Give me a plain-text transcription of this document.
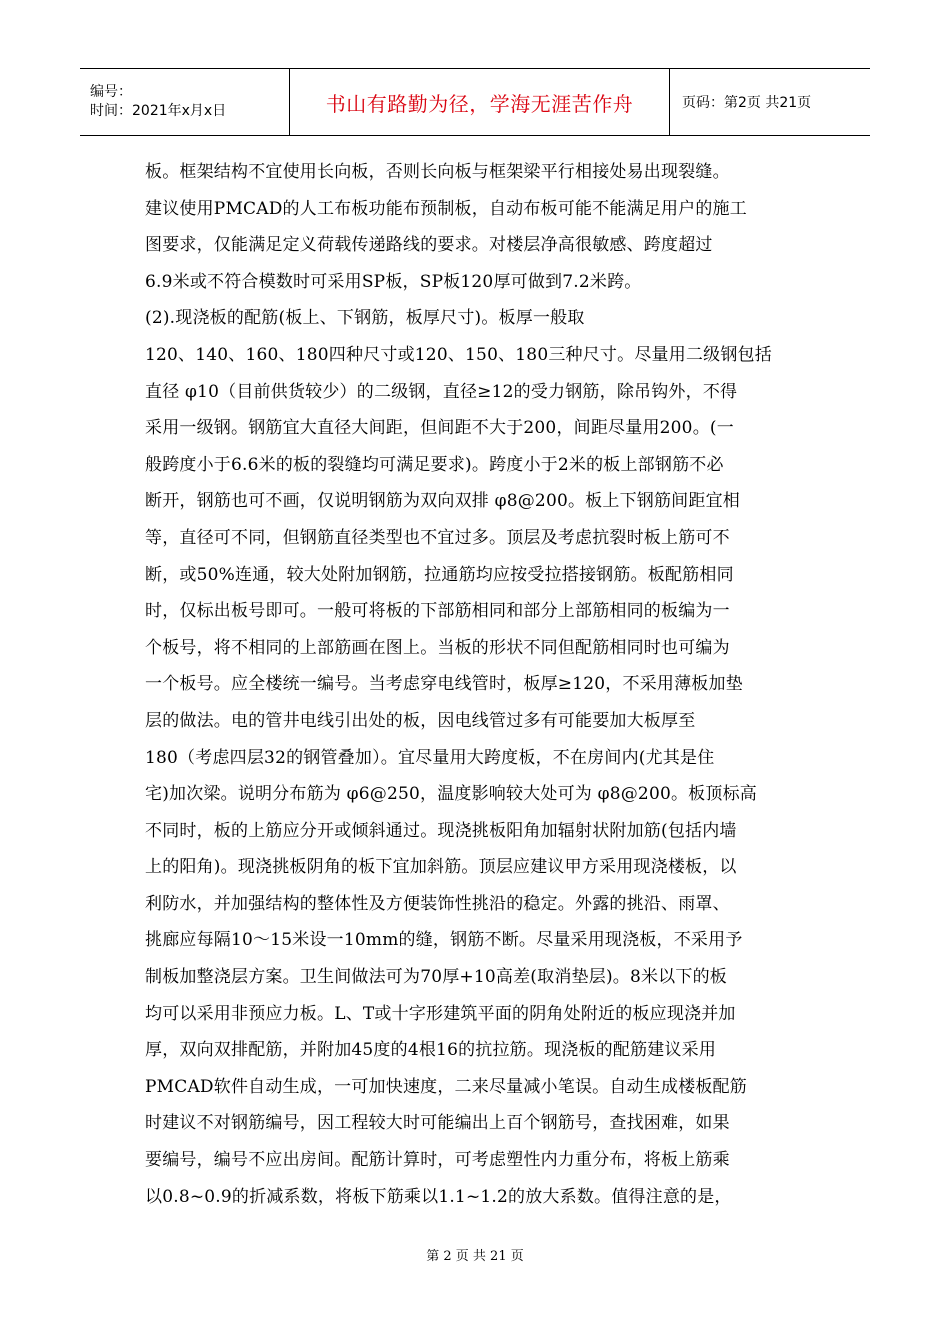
编号：
时间：2021年x月x日	书山有路勤为径，学海无涯苦作舟	页码：第2页 共21页

板。框架结构不宜使用长向板，否则长向板与框架梁平行相接处易出现裂缝。

建议使用PMCAD的人工布板功能布预制板，自动布板可能不能满足用户的施工

图要求，仅能满足定义荷载传递路线的要求。对楼层净高很敏感、跨度超过

6.9米或不符合模数时可采用SP板，SP板120厚可做到7.2米跨。

(2).现浇板的配筋(板上、下钢筋，板厚尺寸)。板厚一般取

120、140、160、180四种尺寸或120、150、180三种尺寸。尽量用二级钢包括

直径 φ10（目前供货较少）的二级钢，直径≥12的受力钢筋，除吊钩外，不得

采用一级钢。钢筋宜大直径大间距，但间距不大于200，间距尽量用200。(一

般跨度小于6.6米的板的裂缝均可满足要求)。跨度小于2米的板上部钢筋不必

断开，钢筋也可不画，仅说明钢筋为双向双排 φ8@200。板上下钢筋间距宜相

等，直径可不同，但钢筋直径类型也不宜过多。顶层及考虑抗裂时板上筋可不

断，或50%连通，较大处附加钢筋，拉通筋均应按受拉搭接钢筋。板配筋相同

时，仅标出板号即可。一般可将板的下部筋相同和部分上部筋相同的板编为一

个板号，将不相同的上部筋画在图上。当板的形状不同但配筋相同时也可编为

一个板号。应全楼统一编号。当考虑穿电线管时，板厚≥120，不采用薄板加垫

层的做法。电的管井电线引出处的板，因电线管过多有可能要加大板厚至

180（考虑四层32的钢管叠加）。宜尽量用大跨度板，不在房间内(尤其是住

宅)加次梁。说明分布筋为 φ6@250，温度影响较大处可为 φ8@200。板顶标高

不同时，板的上筋应分开或倾斜通过。现浇挑板阳角加辐射状附加筋(包括内墙

上的阳角)。现浇挑板阴角的板下宜加斜筋。顶层应建议甲方采用现浇楼板，以

利防水，并加强结构的整体性及方便装饰性挑沿的稳定。外露的挑沿、雨罩、

挑廊应每隔10～15米设一10mm的缝，钢筋不断。尽量采用现浇板，不采用予

制板加整浇层方案。卫生间做法可为70厚+10高差(取消垫层)。8米以下的板

均可以采用非预应力板。L、T或十字形建筑平面的阴角处附近的板应现浇并加

厚，双向双排配筋，并附加45度的4根16的抗拉筋。现浇板的配筋建议采用

PMCAD软件自动生成，一可加快速度，二来尽量减小笔误。自动生成楼板配筋

时建议不对钢筋编号，因工程较大时可能编出上百个钢筋号，查找困难，如果

要编号，编号不应出房间。配筋计算时，可考虑塑性内力重分布，将板上筋乘

以0.8~0.9的折减系数，将板下筋乘以1.1~1.2的放大系数。值得注意的是，

第 2 页 共 21 页
